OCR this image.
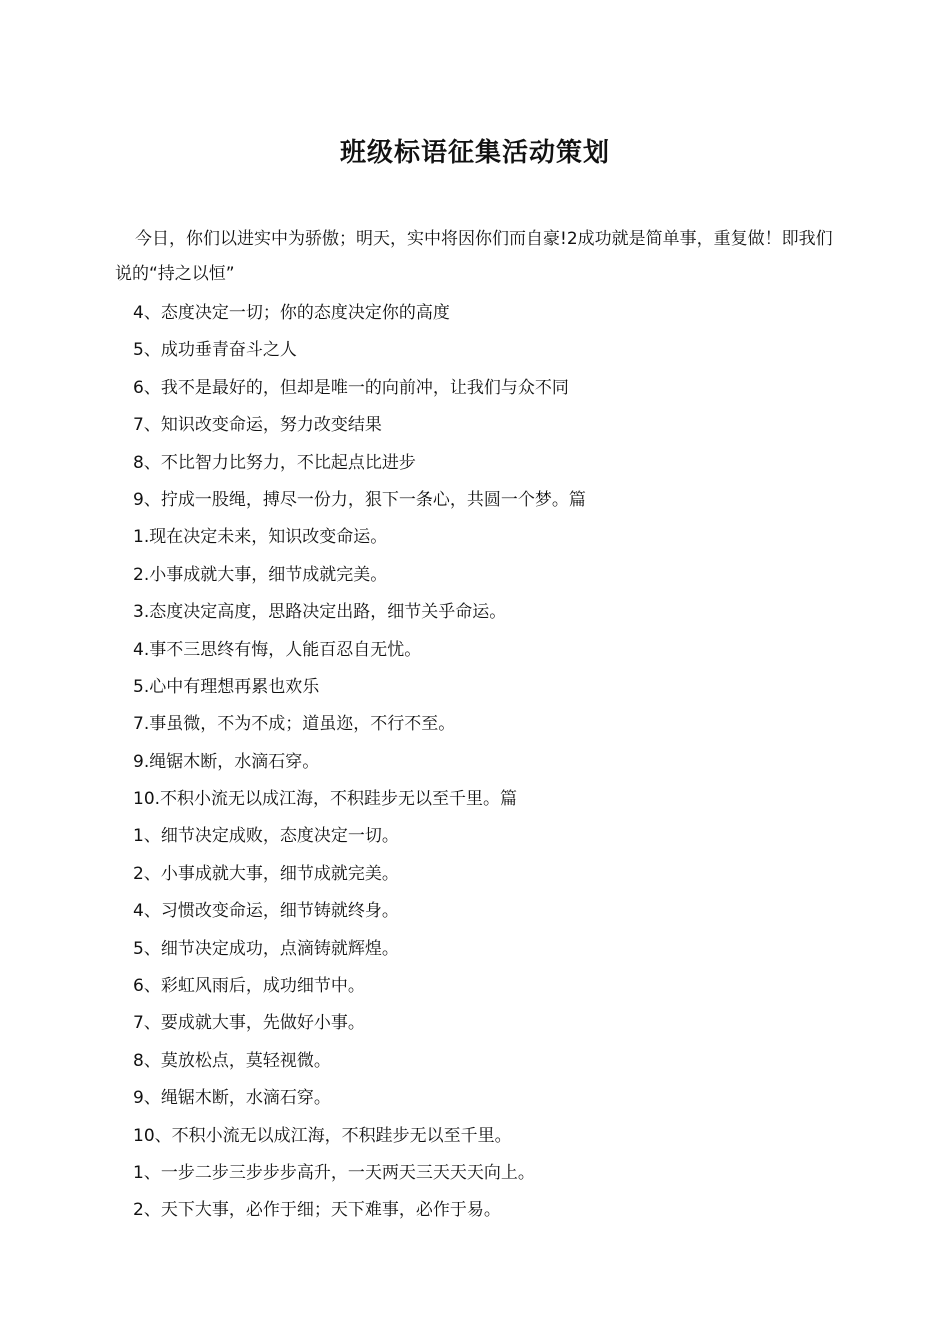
班级标语征集活动策划

今日，你们以进实中为骄傲；明天，实中将因你们而自豪!2成功就是简单事，重复做！即我们说的“持之以恒”

4、态度决定一切；你的态度决定你的高度
5、成功垂青奋斗之人
6、我不是最好的，但却是唯一的向前冲，让我们与众不同
7、知识改变命运，努力改变结果
8、不比智力比努力，不比起点比进步
9、拧成一股绳，搏尽一份力，狠下一条心，共圆一个梦。篇
1.现在决定未来，知识改变命运。
2.小事成就大事，细节成就完美。
3.态度决定高度，思路决定出路，细节关乎命运。
4.事不三思终有悔，人能百忍自无忧。
5.心中有理想再累也欢乐
7.事虽微，不为不成；道虽迩，不行不至。
9.绳锯木断，水滴石穿。
10.不积小流无以成江海，不积跬步无以至千里。篇
1、细节决定成败，态度决定一切。
2、小事成就大事，细节成就完美。
4、习惯改变命运，细节铸就终身。
5、细节决定成功，点滴铸就辉煌。
6、彩虹风雨后，成功细节中。
7、要成就大事，先做好小事。
8、莫放松点，莫轻视微。
9、绳锯木断，水滴石穿。
10、不积小流无以成江海，不积跬步无以至千里。
1、一步二步三步步步高升，一天两天三天天天向上。
2、天下大事，必作于细；天下难事，必作于易。
